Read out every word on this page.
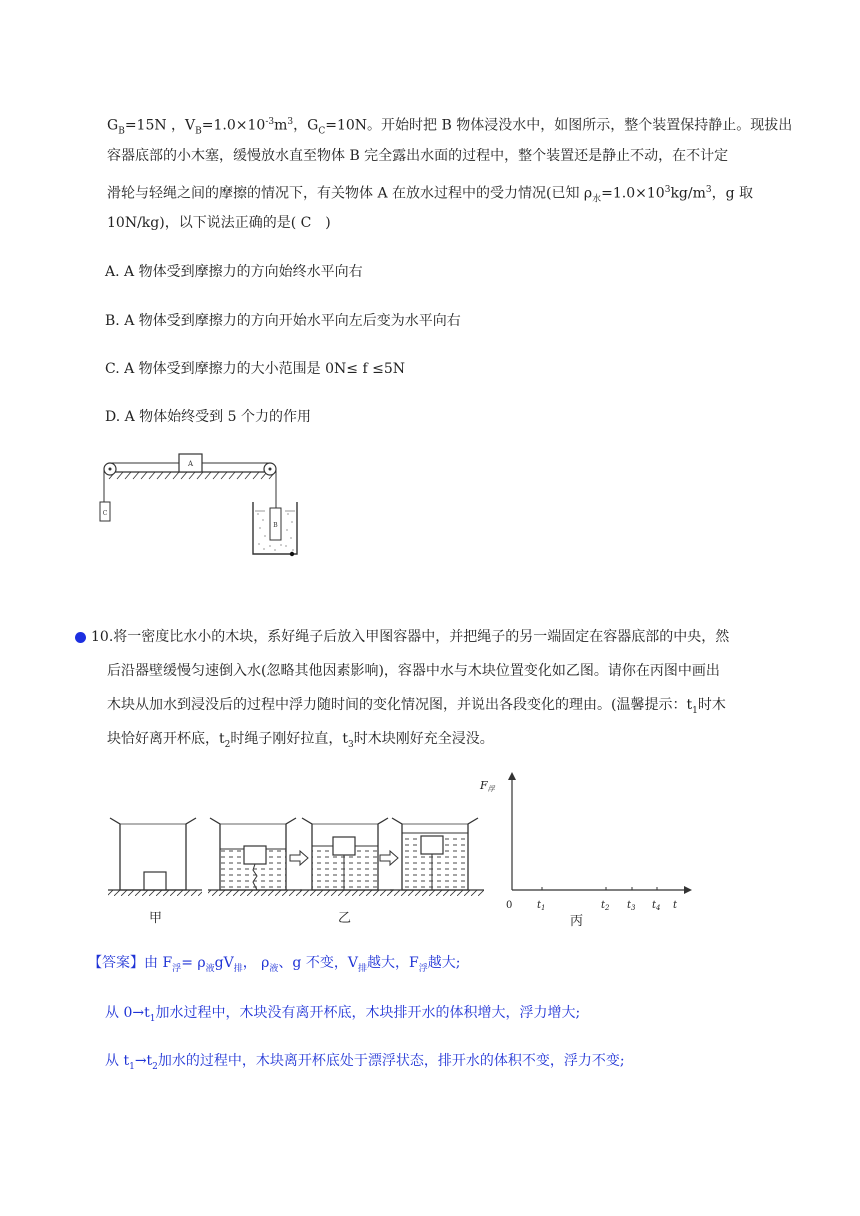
$G_B=15N$ ，$V_B=1.0\times 10^{-3}m^3$，$G_C=10N$。开始时把 B 物体浸没水中，如图所示，整个装置保持静止。现拔出
容器底部的小木塞，缓慢放水直至物体 B 完全露出水面的过程中，整个装置还是静止不动，在不计定
滑轮与轻绳之间的摩擦的情况下，有关物体 A 在放水过程中的受力情况(已知 $\rho_水=1.0\times 10^3kg/m^3$，g 取
10N/kg)，以下说法正确的是( C　)
A. A 物体受到摩擦力的方向始终水平向右
B. A 物体受到摩擦力的方向开始水平向左后变为水平向右
C. A 物体受到摩擦力的大小范围是 0N≤ f ≤5N
D. A 物体始终受到 5 个力的作用
A
C
B
10.将一密度比水小的木块，系好绳子后放入甲图容器中，并把绳子的另一端固定在容器底部的中央，然
后沿器壁缓慢匀速倒入水(忽略其他因素影响)，容器中水与木块位置变化如乙图。请你在丙图中画出
木块从加水到浸没后的过程中浮力随时间的变化情况图，并说出各段变化的理由。(温馨提示：$t_1$时木
块恰好离开杯底，$t_2$时绳子刚好拉直，$t_3$时木块刚好充全浸没。
甲	乙	丙
F浮
0 $t_1$	$t_2$ $t_3$ $t_4$ t
【答案】由 $F_浮= \rho_液gV_排$， $\rho_液$、g 不变，$V_排$越大，$F_浮$越大;
从 $0\to t_1$加水过程中，木块没有离开杯底，木块排开水的体积增大，浮力增大;
从 $t_1\to t_2$加水的过程中，木块离开杯底处于漂浮状态，排开水的体积不变，浮力不变;
